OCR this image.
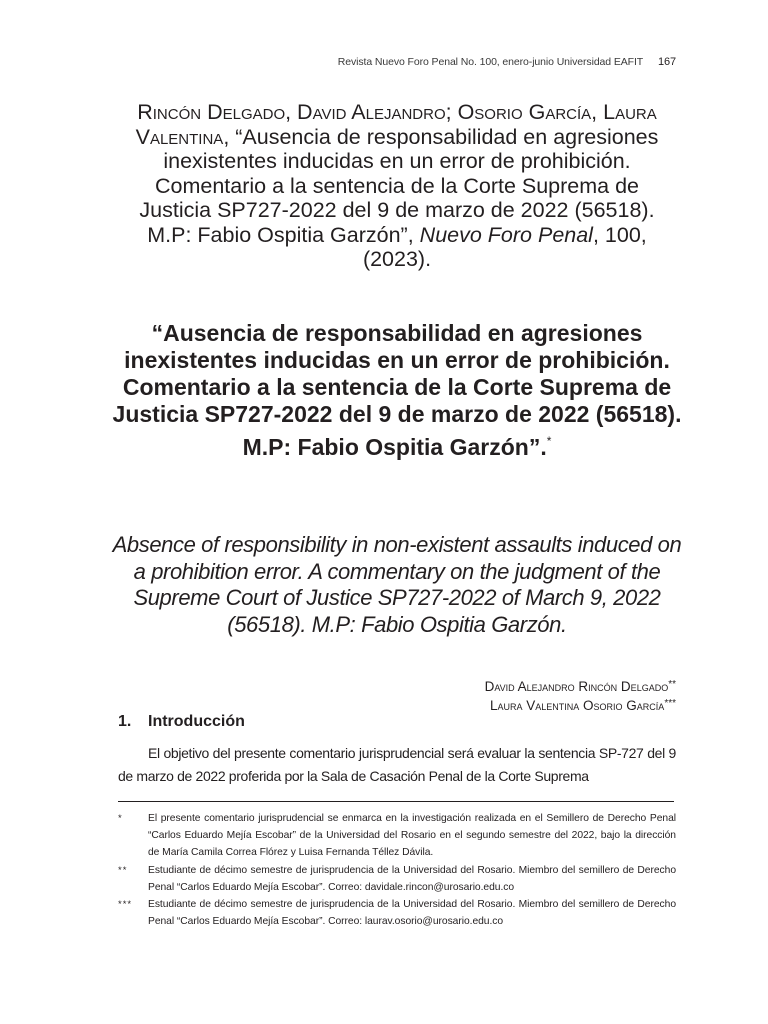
Revista Nuevo Foro Penal No. 100, enero-junio Universidad EAFIT 167
Rincón Delgado, David Alejandro; Osorio García, Laura Valentina, “Ausencia de responsabilidad en agresiones inexistentes inducidas en un error de prohibición. Comentario a la sentencia de la Corte Suprema de Justicia SP727-2022 del 9 de marzo de 2022 (56518). M.P: Fabio Ospitia Garzón”, Nuevo Foro Penal, 100, (2023).
“Ausencia de responsabilidad en agresiones inexistentes inducidas en un error de prohibición. Comentario a la sentencia de la Corte Suprema de Justicia SP727-2022 del 9 de marzo de 2022 (56518). M.P: Fabio Ospitia Garzón”.*
Absence of responsibility in non-existent assaults induced on a prohibition error. A commentary on the judgment of the Supreme Court of Justice SP727-2022 of March 9, 2022 (56518). M.P: Fabio Ospitia Garzón.
David Alejandro Rincón Delgado**
Laura Valentina Osorio García***
1. Introducción

El objetivo del presente comentario jurisprudencial será evaluar la sentencia SP-727 del 9 de marzo de 2022 proferida por la Sala de Casación Penal de la Corte Suprema

*	El presente comentario jurisprudencial se enmarca en la investigación realizada en el Semillero de Derecho Penal “Carlos Eduardo Mejía Escobar” de la Universidad del Rosario en el segundo semestre del 2022, bajo la dirección de María Camila Correa Flórez y Luisa Fernanda Téllez Dávila.
**	Estudiante de décimo semestre de jurisprudencia de la Universidad del Rosario. Miembro del semillero de Derecho Penal “Carlos Eduardo Mejía Escobar”. Correo: davidale.rincon@urosario.edu.co
***	Estudiante de décimo semestre de jurisprudencia de la Universidad del Rosario. Miembro del semillero de Derecho Penal “Carlos Eduardo Mejía Escobar”. Correo: laurav.osorio@urosario.edu.co
